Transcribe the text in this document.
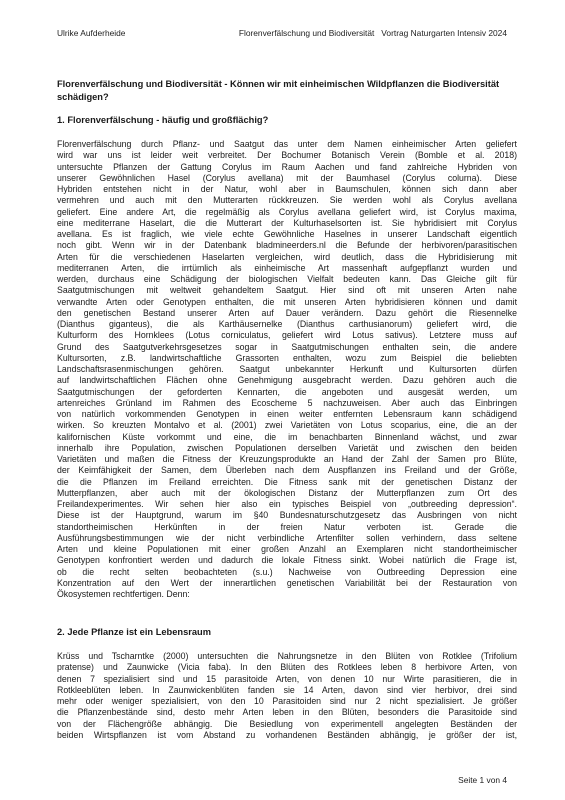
Ulrike Aufderheide	Florenverfälschung und Biodiversität Vortrag Naturgarten Intensiv 2024

Florenverfälschung und Biodiversität - Können wir mit einheimischen Wildpflanzen die Biodiversität schädigen?

1. Florenverfälschung - häufig und großflächig?

Florenverfälschung durch Pflanz- und Saatgut das unter dem Namen einheimischer Arten geliefert
wird war uns ist leider weit verbreitet. Der Bochumer Botanisch Verein (Bomble et al. 2018)
untersuchte Pflanzen der Gattung Corylus im Raum Aachen und fand zahlreiche Hybriden von
unserer Gewöhnlichen Hasel (Corylus avellana) mit der Baumhasel (Corylus colurna). Diese
Hybriden entstehen nicht in der Natur, wohl aber in Baumschulen, können sich dann aber
vermehren und auch mit den Mutterarten rückkreuzen. Sie werden wohl als Corylus avellana
geliefert. Eine andere Art, die regelmäßig als Corylus avellana geliefert wird, ist Corylus maxima,
eine mediterrane Haselart, die die Mutterart der Kulturhaselsorten ist. Sie hybridisiert mit Corylus
avellana. Es ist fraglich, wie viele echte Gewöhnliche Haselnes in unserer Landschaft eigentlich
noch gibt. Wenn wir in der Datenbank bladmineerders.nl die Befunde der herbivoren/parasitischen
Arten für die verschiedenen Haselarten vergleichen, wird deutlich, dass die Hybridisierung mit
mediterranen Arten, die irrtümlich als einheimische Art massenhaft aufgepflanzt wurden und
werden, durchaus eine Schädigung der biologischen Vielfalt bedeuten kann. Das Gleiche gilt für
Saatgutmischungen mit weltweit gehandeltem Saatgut. Hier sind oft mit unseren Arten nahe
verwandte Arten oder Genotypen enthalten, die mit unseren Arten hybridisieren können und damit
den genetischen Bestand unserer Arten auf Dauer verändern. Dazu gehört die Riesennelke
(Dianthus giganteus), die als Karthäusernelke (Dianthus carthusianorum) geliefert wird, die
Kulturform des Hornklees (Lotus corniculatus, geliefert wird Lotus sativus). Letztere muss auf
Grund des Saatgutverkehrsgesetzes sogar in Saatgutmischungen enthalten sein, die andere
Kultursorten, z.B. landwirtschaftliche Grassorten enthalten, wozu zum Beispiel die beliebten
Landschaftsrasenmischungen gehören. Saatgut unbekannter Herkunft und Kultursorten dürfen
auf landwirtschaftlichen Flächen ohne Genehmigung ausgebracht werden. Dazu gehören auch die
Saatgutmischungen der geforderten Kennarten, die angeboten und ausgesät werden, um
artenreiches Grünland im Rahmen des Ecoscheme 5 nachzuweisen. Aber auch das Einbringen
von natürlich vorkommenden Genotypen in einen weiter entfernten Lebensraum kann schädigend
wirken. So kreuzten Montalvo et al. (2001) zwei Varietäten von Lotus scoparius, eine, die an der
kalifornischen Küste vorkommt und eine, die im benachbarten Binnenland wächst, und zwar
innerhalb ihre Population, zwischen Populationen derselben Varietät und zwischen den beiden
Varietäten und maßen die Fitness der Kreuzungsprodukte an Hand der Zahl der Samen pro Blüte,
der Keimfähigkeit der Samen, dem Überleben nach dem Auspflanzen ins Freiland und der Größe,
die die Pflanzen im Freiland erreichten. Die Fitness sank mit der genetischen Distanz der
Mutterpflanzen, aber auch mit der ökologischen Distanz der Mutterpflanzen zum Ort des
Freilandexperimentes. Wir sehen hier also ein typisches Beispiel von „outbreeding depression“.
Diese ist der Hauptgrund, warum im §40 Bundesnaturschutzgesetz das Ausbringen von nicht
standortheimischen Herkünften in der freien Natur verboten ist. Gerade die
Ausführungsbestimmungen wie der nicht verbindliche Artenfilter sollen verhindern, dass seltene
Arten und kleine Populationen mit einer großen Anzahl an Exemplaren nicht standortheimischer
Genotypen konfrontiert werden und dadurch die lokale Fitness sinkt. Wobei natürlich die Frage ist,
ob die recht selten beobachteten (s.u.) Nachweise von Outbreeding Depression eine
Konzentration auf den Wert der innerartlichen genetischen Variabilität bei der Restauration von
Ökosystemen rechtfertigen. Denn:

2. Jede Pflanze ist ein Lebensraum

Krüss und Tscharntke (2000) untersuchten die Nahrungsnetze in den Blüten von Rotklee (Trifolium
pratense) und Zaunwicke (Vicia faba). In den Blüten des Rotklees leben 8 herbivore Arten, von
denen 7 spezialisiert sind und 15 parasitoide Arten, von denen 10 nur Wirte parasitieren, die in
Rotkleeblüten leben. In Zaunwickenblüten fanden sie 14 Arten, davon sind vier herbivor, drei sind
mehr oder weniger spezialisiert, von den 10 Parasitoiden sind nur 2 nicht spezialisiert. Je größer
die Pflanzenbestände sind, desto mehr Arten leben in den Blüten, besonders die Parasitoide sind
von der Flächengröße abhängig. Die Besiedlung von experimentell angelegten Beständen der
beiden Wirtspflanzen ist vom Abstand zu vorhandenen Beständen abhängig, je größer der ist,
Seite 1 von 4
